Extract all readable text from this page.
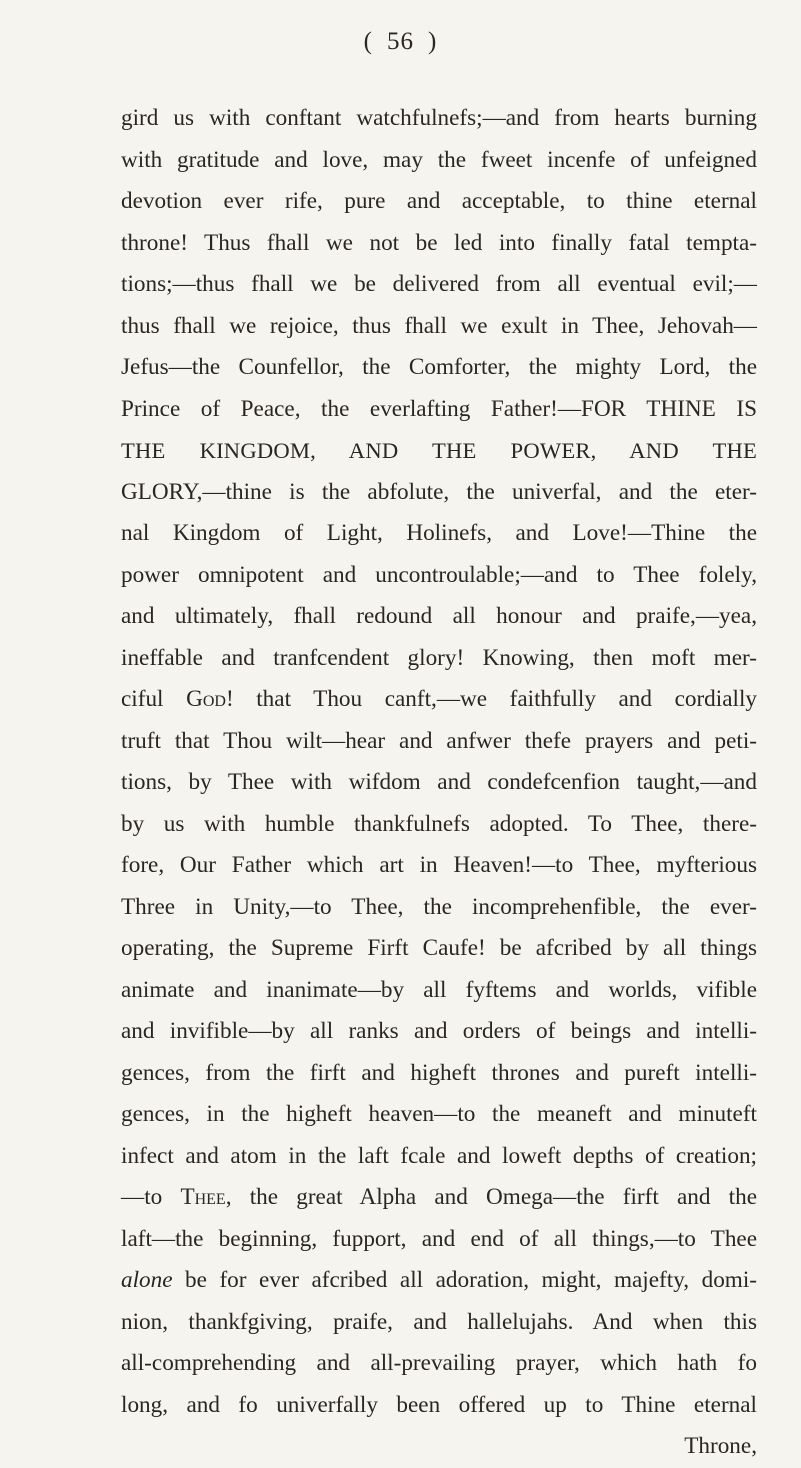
( 56 )
gird us with conftant watchfulnefs;—and from hearts burning
with gratitude and love, may the fweet incenfe of unfeigned
devotion ever rife, pure and acceptable, to thine eternal
throne! Thus fhall we not be led into finally fatal tempta-
tions;—thus fhall we be delivered from all eventual evil;—
thus fhall we rejoice, thus fhall we exult in Thee, Jehovah—
Jefus—the Counfellor, the Comforter, the mighty Lord, the
Prince of Peace, the everlafting Father!—FOR THINE IS
THE KINGDOM, AND THE POWER, AND THE
GLORY,—thine is the abfolute, the univerfal, and the eter-
nal Kingdom of Light, Holinefs, and Love!—Thine the
power omnipotent and uncontroulable;—and to Thee folely,
and ultimately, fhall redound all honour and praife,—yea,
ineffable and tranfcendent glory! Knowing, then moft mer-
ciful God! that Thou canft,—we faithfully and cordially
truft that Thou wilt—hear and anfwer thefe prayers and peti-
tions, by Thee with wifdom and condefcenfion taught,—and
by us with humble thankfulnefs adopted. To Thee, there-
fore, Our Father which art in Heaven!—to Thee, myfterious
Three in Unity,—to Thee, the incomprehenfible, the ever-
operating, the Supreme Firft Caufe! be afcribed by all things
animate and inanimate—by all fyftems and worlds, vifible
and invifible—by all ranks and orders of beings and intelli-
gences, from the firft and higheft thrones and pureft intelli-
gences, in the higheft heaven—to the meaneft and minuteft
infect and atom in the laft fcale and loweft depths of creation;
—to Thee, the great Alpha and Omega—the firft and the
laft—the beginning, fupport, and end of all things,—to Thee
alone be for ever afcribed all adoration, might, majefty, domi-
nion, thankfgiving, praife, and hallelujahs. And when this
all-comprehending and all-prevailing prayer, which hath fo
long, and fo univerfally been offered up to Thine eternal
Throne,
